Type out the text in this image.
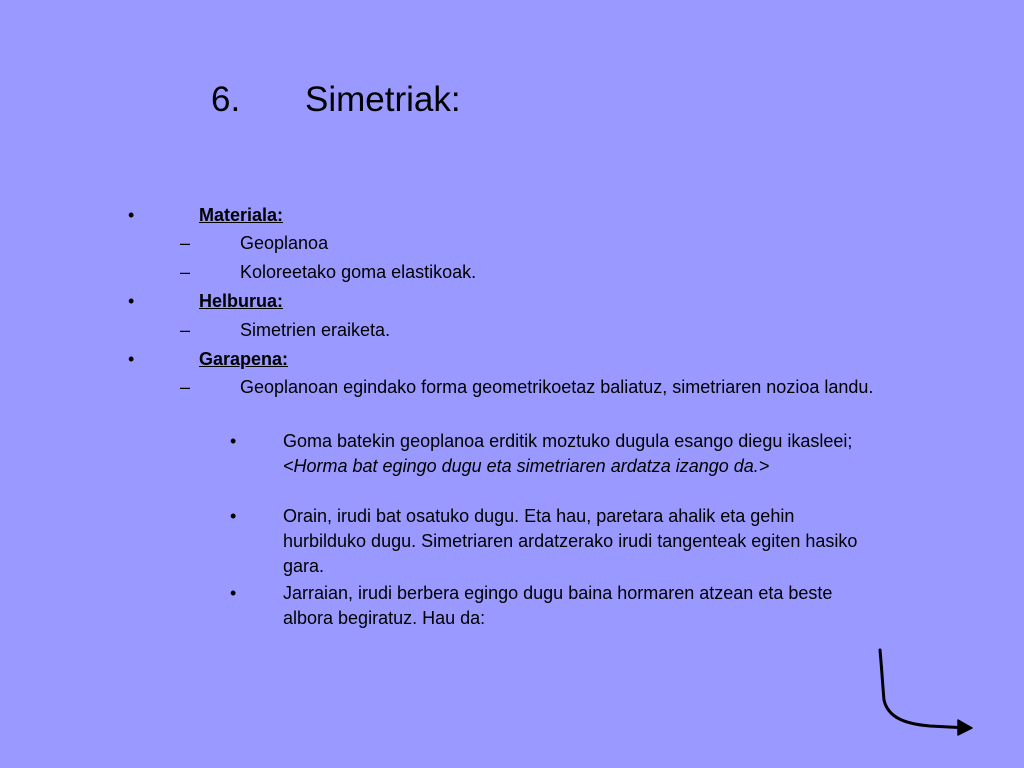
6. Simetriak:
•	Materiala:
–	Geoplanoa
–	Koloreetako goma elastikoak.
•	Helburua:
–	Simetrien eraiketa.
•	Garapena:
–	Geoplanoan egindako forma geometrikoetaz baliatuz, simetriaren nozioa landu.
•	Goma batekin geoplanoa erditik moztuko dugula esango diegu ikasleei; <Horma bat egingo dugu eta simetriaren ardatza izango da.>
•	Orain, irudi bat osatuko dugu. Eta hau, paretara ahalik eta gehin hurbilduko dugu. Simetriaren ardatzerako irudi tangenteak egiten hasiko gara.
•	Jarraian, irudi berbera egingo dugu baina hormaren atzean eta beste albora begiratuz. Hau da:
